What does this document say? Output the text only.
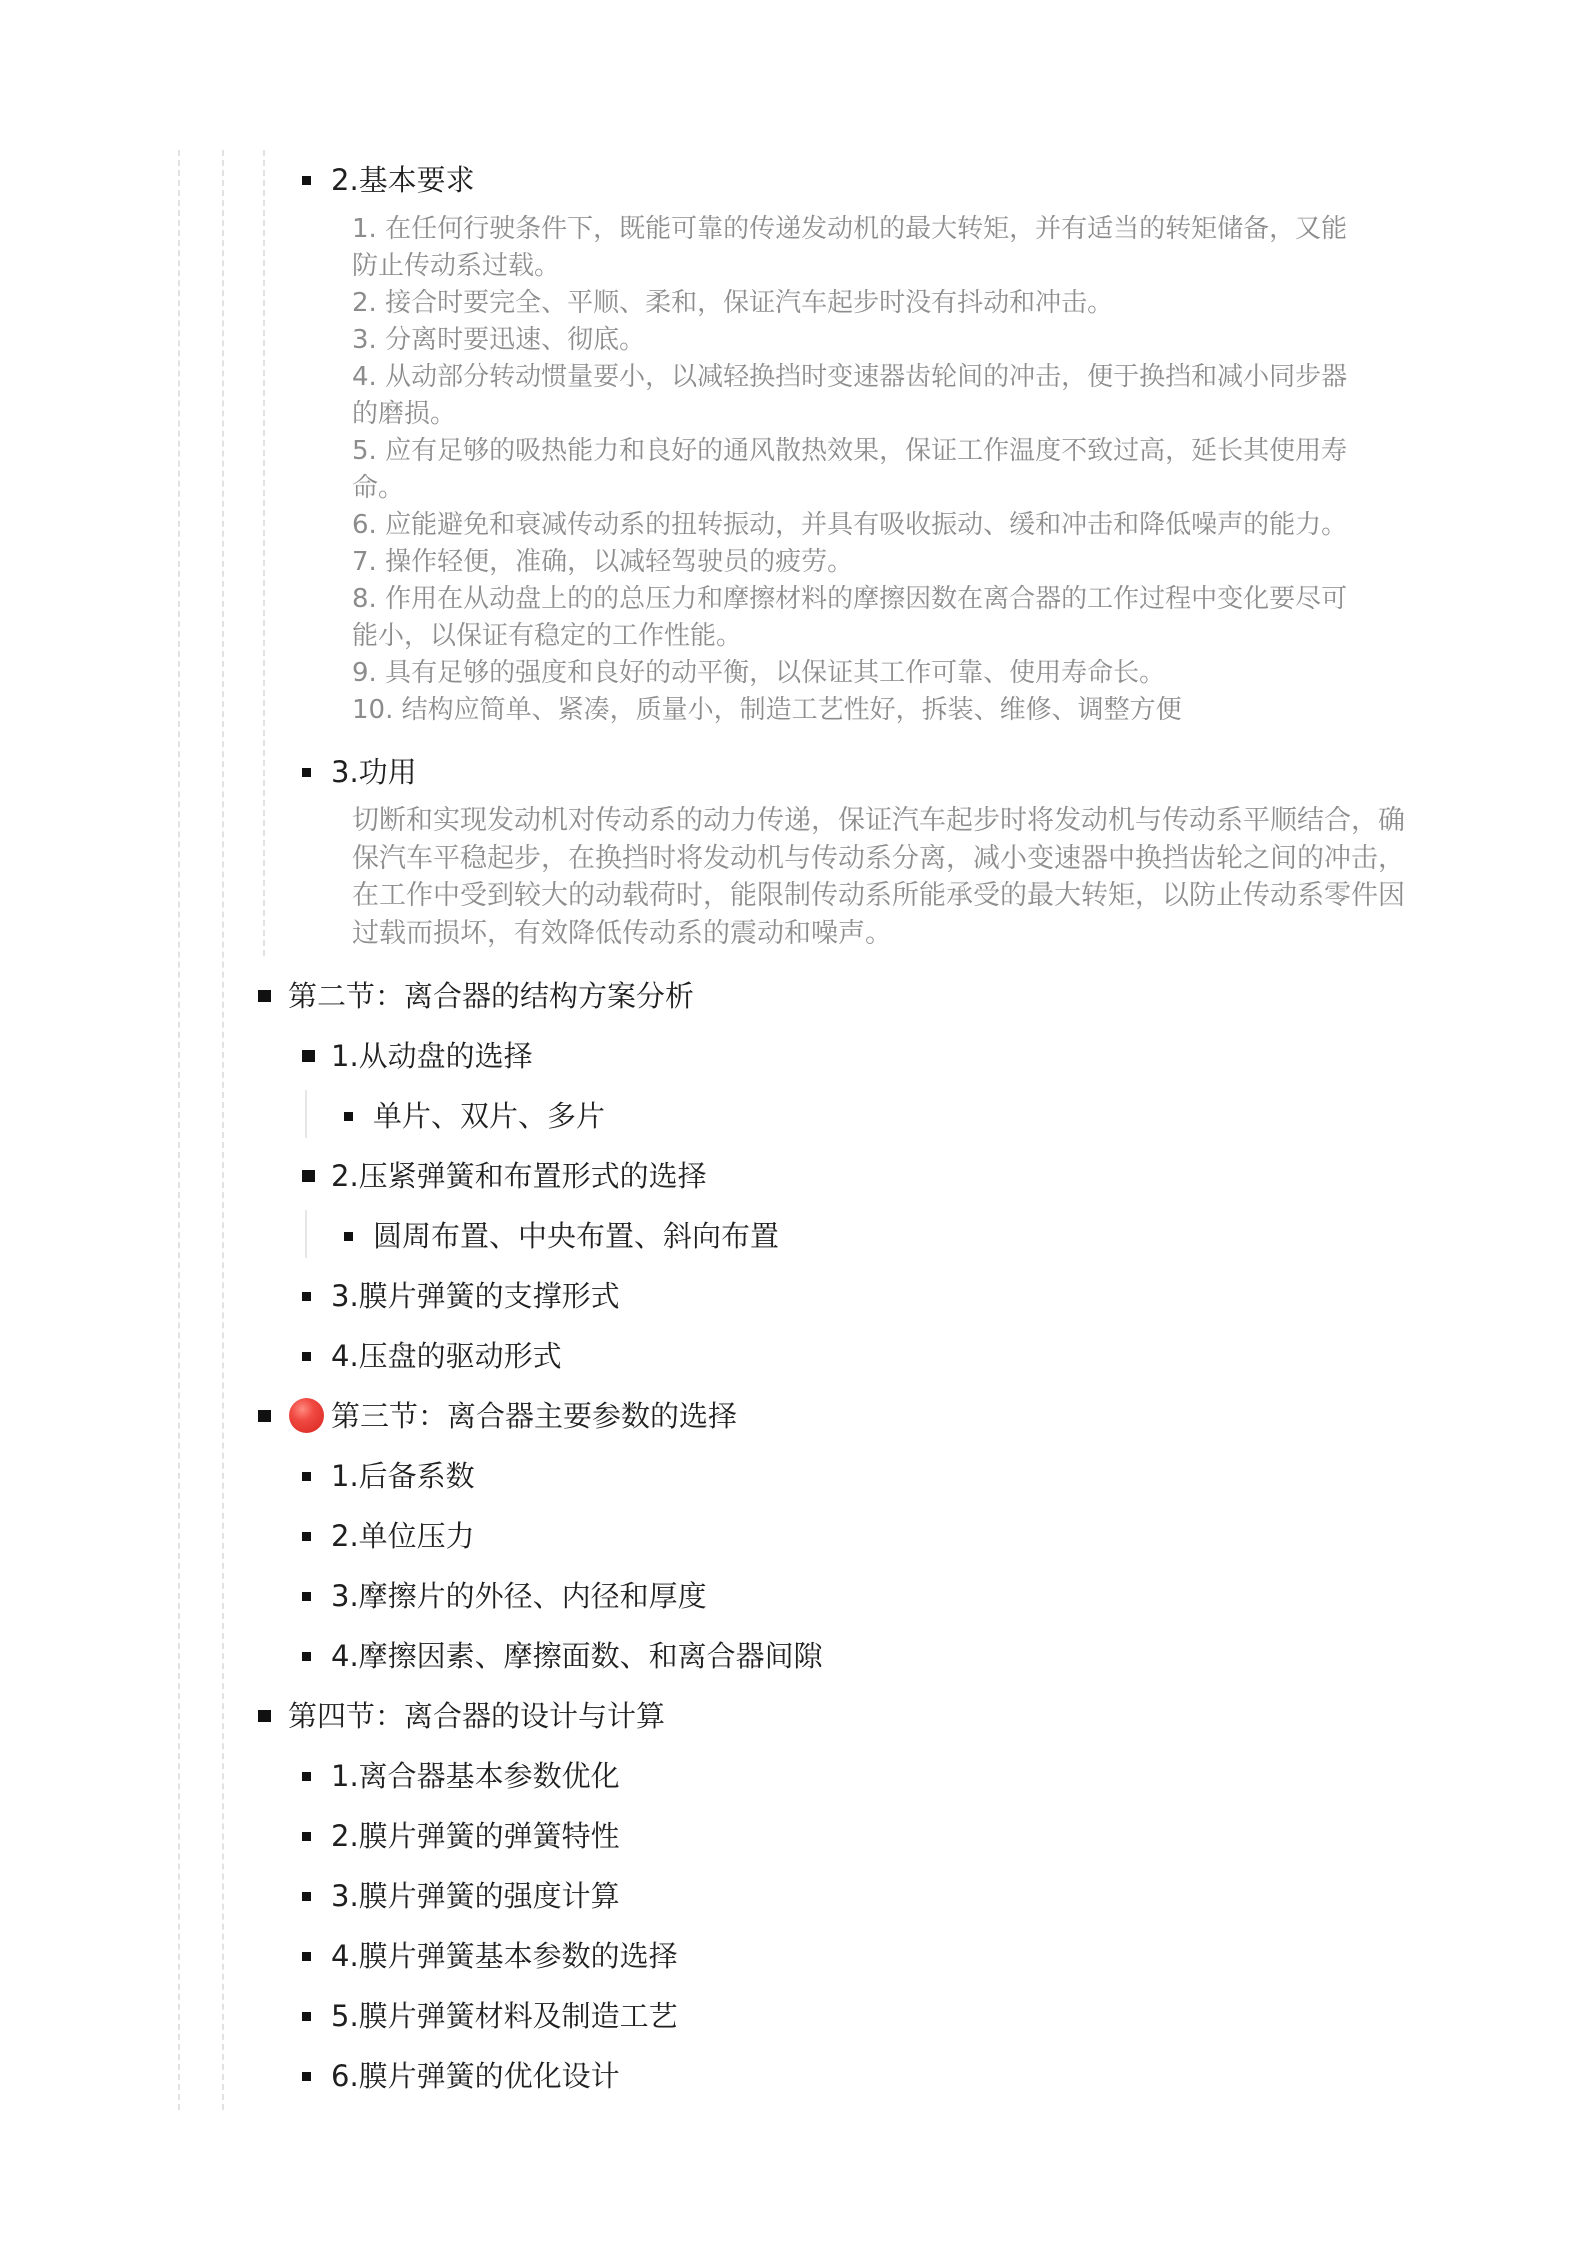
2.基本要求
1. 在任何行驶条件下，既能可靠的传递发动机的最大转矩，并有适当的转矩储备，又能
防止传动系过载。
2. 接合时要完全、平顺、柔和，保证汽车起步时没有抖动和冲击。
3. 分离时要迅速、彻底。
4. 从动部分转动惯量要小，以减轻换挡时变速器齿轮间的冲击，便于换挡和减小同步器
的磨损。
5. 应有足够的吸热能力和良好的通风散热效果，保证工作温度不致过高，延长其使用寿
命。
6. 应能避免和衰减传动系的扭转振动，并具有吸收振动、缓和冲击和降低噪声的能力。
7. 操作轻便，准确，以减轻驾驶员的疲劳。
8. 作用在从动盘上的的总压力和摩擦材料的摩擦因数在离合器的工作过程中变化要尽可
能小，以保证有稳定的工作性能。
9. 具有足够的强度和良好的动平衡，以保证其工作可靠、使用寿命长。
10. 结构应简单、紧凑，质量小，制造工艺性好，拆装、维修、调整方便
3.功用
切断和实现发动机对传动系的动力传递，保证汽车起步时将发动机与传动系平顺结合，确
保汽车平稳起步，在换挡时将发动机与传动系分离，减小变速器中换挡齿轮之间的冲击，
在工作中受到较大的动载荷时，能限制传动系所能承受的最大转矩，以防止传动系零件因
过载而损坏，有效降低传动系的震动和噪声。
第二节：离合器的结构方案分析
1.从动盘的选择
单片、双片、多片
2.压紧弹簧和布置形式的选择
圆周布置、中央布置、斜向布置
3.膜片弹簧的支撑形式
4.压盘的驱动形式
第三节：离合器主要参数的选择
1.后备系数
2.单位压力
3.摩擦片的外径、内径和厚度
4.摩擦因素、摩擦面数、和离合器间隙
第四节：离合器的设计与计算
1.离合器基本参数优化
2.膜片弹簧的弹簧特性
3.膜片弹簧的强度计算
4.膜片弹簧基本参数的选择
5.膜片弹簧材料及制造工艺
6.膜片弹簧的优化设计
